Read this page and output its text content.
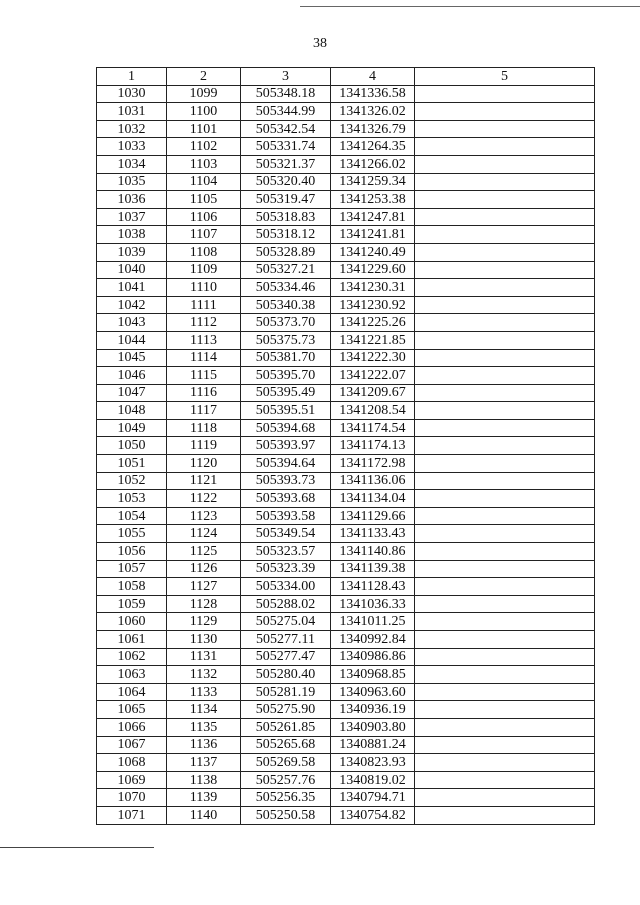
38
1	2	3	4	5
1030	1099	505348.18	1341336.58	
1031	1100	505344.99	1341326.02	
1032	1101	505342.54	1341326.79	
1033	1102	505331.74	1341264.35	
1034	1103	505321.37	1341266.02	
1035	1104	505320.40	1341259.34	
1036	1105	505319.47	1341253.38	
1037	1106	505318.83	1341247.81	
1038	1107	505318.12	1341241.81	
1039	1108	505328.89	1341240.49	
1040	1109	505327.21	1341229.60	
1041	1110	505334.46	1341230.31	
1042	1111	505340.38	1341230.92	
1043	1112	505373.70	1341225.26	
1044	1113	505375.73	1341221.85	
1045	1114	505381.70	1341222.30	
1046	1115	505395.70	1341222.07	
1047	1116	505395.49	1341209.67	
1048	1117	505395.51	1341208.54	
1049	1118	505394.68	1341174.54	
1050	1119	505393.97	1341174.13	
1051	1120	505394.64	1341172.98	
1052	1121	505393.73	1341136.06	
1053	1122	505393.68	1341134.04	
1054	1123	505393.58	1341129.66	
1055	1124	505349.54	1341133.43	
1056	1125	505323.57	1341140.86	
1057	1126	505323.39	1341139.38	
1058	1127	505334.00	1341128.43	
1059	1128	505288.02	1341036.33	
1060	1129	505275.04	1341011.25	
1061	1130	505277.11	1340992.84	
1062	1131	505277.47	1340986.86	
1063	1132	505280.40	1340968.85	
1064	1133	505281.19	1340963.60	
1065	1134	505275.90	1340936.19	
1066	1135	505261.85	1340903.80	
1067	1136	505265.68	1340881.24	
1068	1137	505269.58	1340823.93	
1069	1138	505257.76	1340819.02	
1070	1139	505256.35	1340794.71	
1071	1140	505250.58	1340754.82	
